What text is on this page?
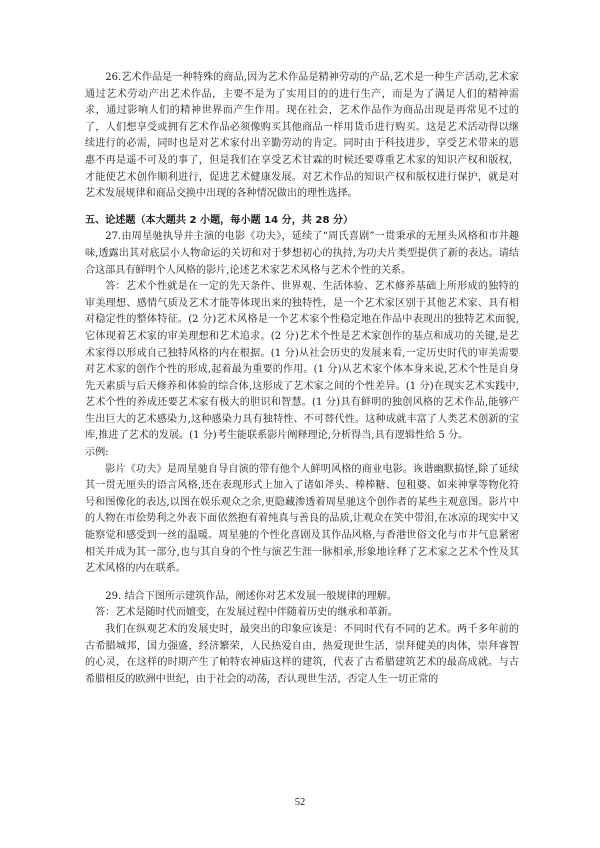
26.艺术作品是一种特殊的商品,因为艺术作品是精神劳动的产品,艺术是一种生产活动,艺术家通过艺术劳动产出艺术作品，主要不是为了实用目的的进行生产，而是为了满足人们的精神需求，通过影响人们的精神世界而产生作用。现在社会，艺术作品作为商品出现是再常见不过的了，人们想享受或拥有艺术作品必须像购买其他商品一样用货币进行购买。这是艺术活动得以继续进行的必需，同时也是对艺术家付出辛勤劳动的肯定。同时由于科技进步，享受艺术带来的恩惠不再是遥不可及的事了，但是我们在享受艺术甘霖的时候还要尊重艺术家的知识产权和版权，才能使艺术创作顺利进行，促进艺术健康发展。对艺术作品的知识产权和版权进行保护，就是对艺术发展规律和商品交换中出现的各种情况做出的理性选择。

五、论述题（本大题共 2 小题，每小题 14 分，共 28 分）

27.由周星驰执导并主演的电影《功夫》，延续了“周氏喜剧”一贯秉承的无厘头风格和市井趣味,透露出其对底层小人物命运的关切和对于梦想初心的执持,为功夫片类型提供了新的表达。请结合这部具有鲜明个人风格的影片,论述艺术家艺术风格与艺术个性的关系。

答：艺术个性就是在一定的先天条件、世界观、生活体验、艺术修养基础上所形成的独特的审美理想、感情气质及艺术才能等体现出来的独特性，是一个艺术家区别于其他艺术家、具有相对稳定性的整体特征。(2 分)艺术风格是一个艺术家个性稳定地在作品中表现出的独特艺术面貌,它体现着艺术家的审美理想和艺术追求。(2 分)艺术个性是艺术家创作的基点和成功的关键,是艺术家得以形成自己独特风格的内在根据。(1 分)从社会历史的发展来看,一定历史时代的审美需要对艺术家的创作个性的形成,起着最为重要的作用。(1 分)从艺术家个体本身来说,艺术个性是自身先天素质与后天修养和体验的综合体,这形成了艺术家之间的个性差异。(1 分)在现实艺术实践中,艺术个性的养成还要艺术家有极大的胆识和智慧。(1 分)具有鲜明的独创风格的艺术作品,能够产生出巨大的艺术感染力,这种感染力具有独特性、不可替代性。这种成就丰富了人类艺术创新的宝库,推进了艺术的发展。(1 分)考生能联系影片阐释理论,分析得当,具有逻辑性给 5 分。

示例:

影片《功夫》是周星驰自导自演的带有他个人鲜明风格的商业电影。诙谐幽默搞怪,除了延续其一贯无厘头的语言风格,还在表现形式上加入了诸如斧头、棒棒糖、包租婆、如来神掌等物化符号和图像化的表达,以图在娱乐观众之余,更隐藏渗透着周星驰这个创作者的某些主观意图。影片中的人物在市侩势利之外表下面依然抱有着纯真与善良的品质,让观众在笑中带泪,在冰凉的现实中又能察觉和感受到一丝的温暖。周星驰的个性化喜剧及其作品风格,与香港世俗文化与市井气息紧密相关并成为其一部分,也与其自身的个性与演艺生涯一脉相承,形象地诠释了艺术家之艺术个性及其艺术风格的内在联系。

29. 结合下图所示建筑作品，阐述你对艺术发展一般规律的理解。

答：艺术是随时代而嬗变，在发展过程中伴随着历史的继承和革新。

我们在纵观艺术的发展史时，最突出的印象应该是：不同时代有不同的艺术。两千多年前的古希腊城邦，国力强盛，经济繁荣，人民热爱自由，热爱现世生活，崇拜健美的肉体，崇拜睿智的心灵，在这样的时期产生了帕特农神庙这样的建筑，代表了古希腊建筑艺术的最高成就。与古希腊相反的欧洲中世纪，由于社会的动荡，否认现世生活，否定人生一切正常的

52
